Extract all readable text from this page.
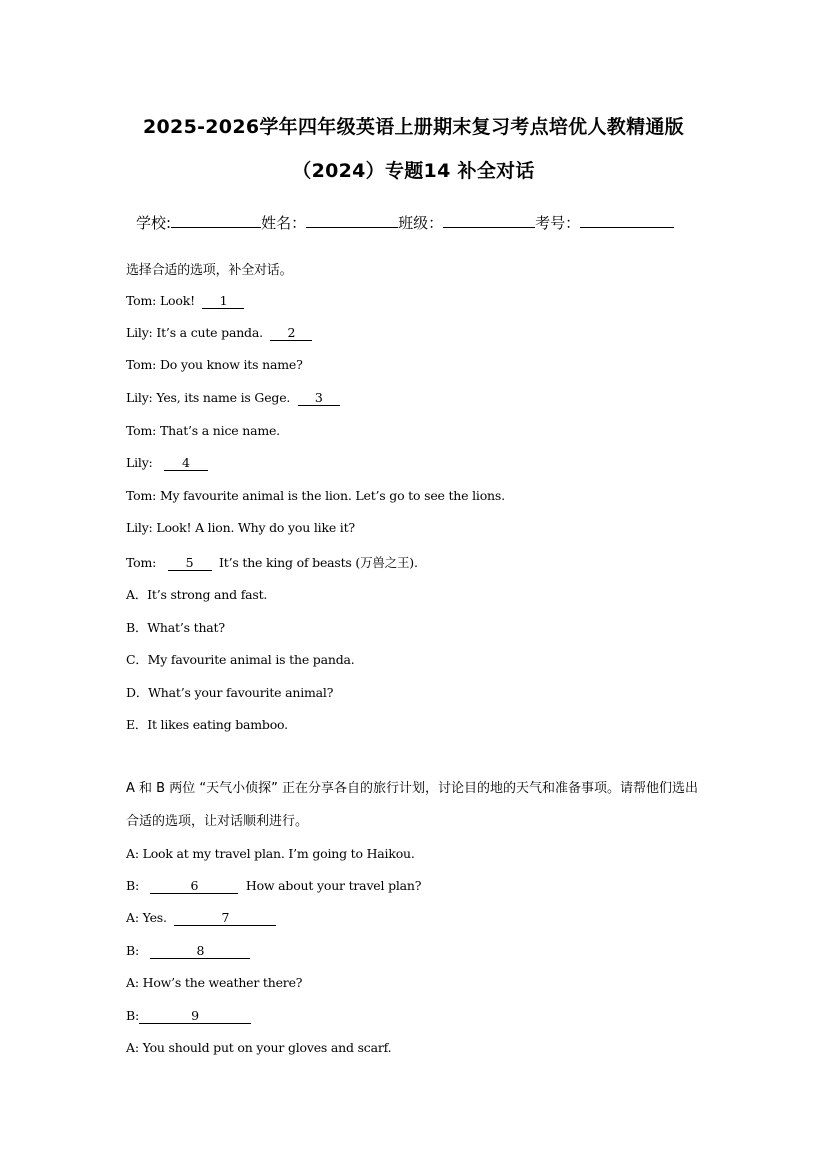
2025-2026学年四年级英语上册期末复习考点培优人教精通版
（2024）专题14 补全对话
学校:	姓名：	班级：	考号：
选择合适的选项，补全对话。
Tom: Look! 1
Lily: It’s a cute panda. 2
Tom: Do you know its name?
Lily: Yes, its name is Gege. 3
Tom: That’s a nice name.
Lily: 4
Tom: My favourite animal is the lion. Let’s go to see the lions.
Lily: Look! A lion. Why do you like it?
Tom: 5 It’s the king of beasts (万兽之王).
A．It’s strong and fast.
B．What’s that?
C．My favourite animal is the panda.
D．What’s your favourite animal?
E．It likes eating bamboo.
A 和 B 两位 “天气小侦探” 正在分享各自的旅行计划，讨论目的地的天气和准备事项。请帮他们选出合适的选项，让对话顺利进行。
A: Look at my travel plan. I’m going to Haikou.
B:	6	How about your travel plan?
A: Yes.	7
B:	8
A: How’s the weather there?
B:	9
A: You should put on your gloves and scarf.
